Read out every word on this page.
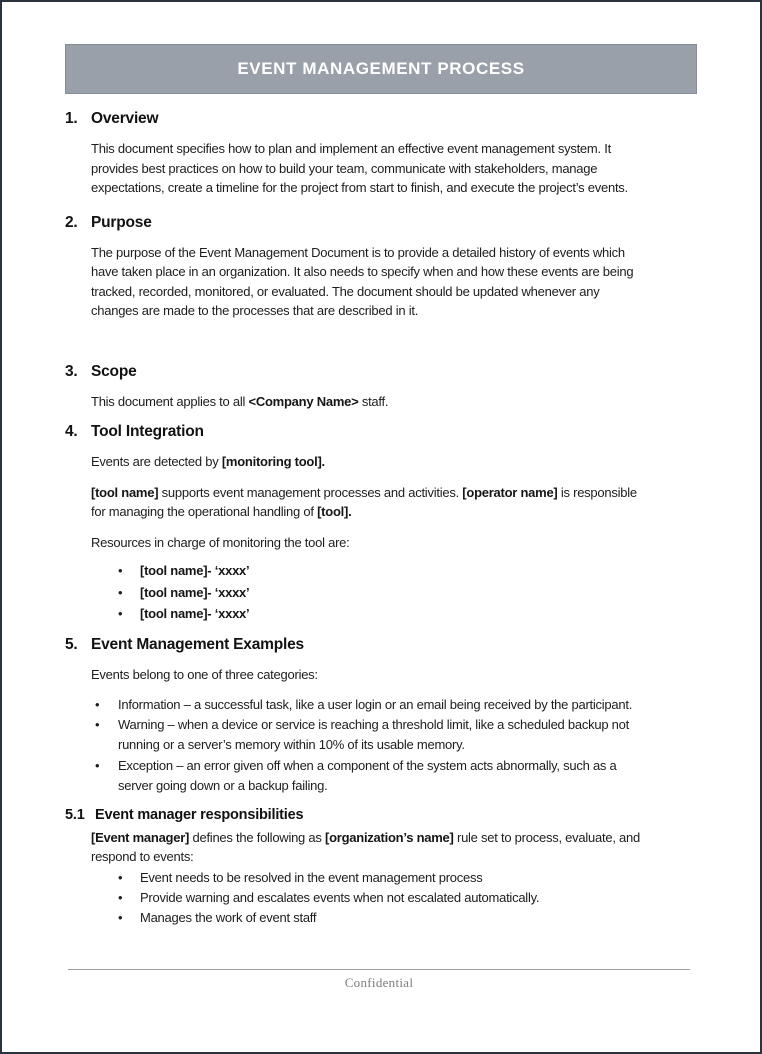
EVENT MANAGEMENT PROCESS
1. Overview

This document specifies how to plan and implement an effective event management system. It
provides best practices on how to build your team, communicate with stakeholders, manage
expectations, create a timeline for the project from start to finish, and execute the project’s events.

2. Purpose

The purpose of the Event Management Document is to provide a detailed history of events which
have taken place in an organization. It also needs to specify when and how these events are being
tracked, recorded, monitored, or evaluated. The document should be updated whenever any
changes are made to the processes that are described in it.

3. Scope

This document applies to all <Company Name> staff.

4. Tool Integration

Events are detected by [monitoring tool].

[tool name] supports event management processes and activities. [operator name] is responsible
for managing the operational handling of [tool].

Resources in charge of monitoring the tool are:

• [tool name]- ‘xxxx’
• [tool name]- ‘xxxx’
• [tool name]- ‘xxxx’
5. Event Management Examples

Events belong to one of three categories:

• Information – a successful task, like a user login or an email being received by the participant.
• Warning – when a device or service is reaching a threshold limit, like a scheduled backup not
running or a server’s memory within 10% of its usable memory.
• Exception – an error given off when a component of the system acts abnormally, such as a
server going down or a backup failing.
5.1 Event manager responsibilities

[Event manager] defines the following as [organization’s name] rule set to process, evaluate, and
respond to events:

• Event needs to be resolved in the event management process
• Provide warning and escalates events when not escalated automatically.
• Manages the work of event staff
Confidential
